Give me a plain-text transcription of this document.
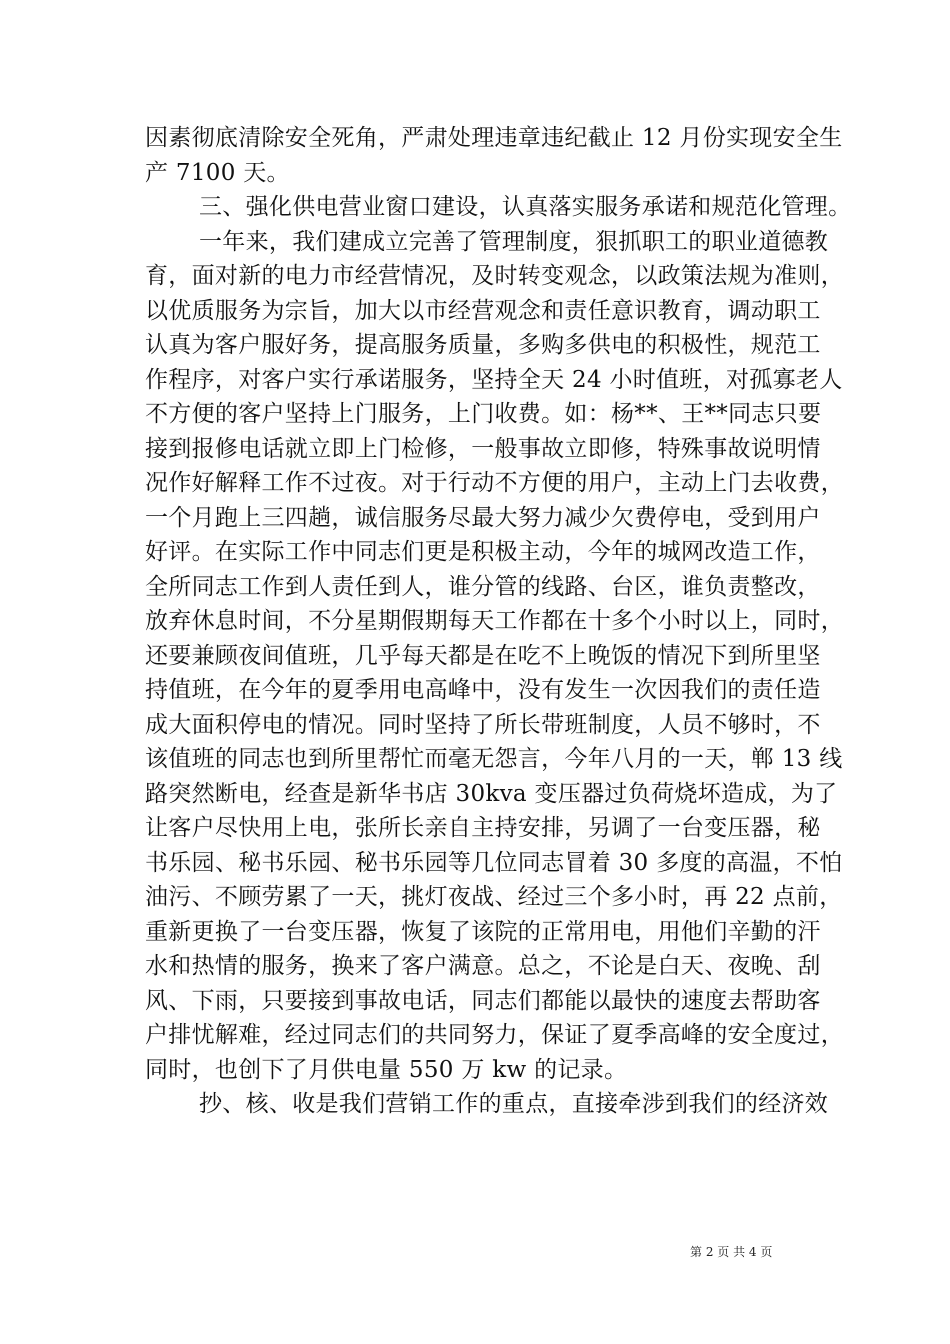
因素彻底清除安全死角，严肃处理违章违纪截止 12 月份实现安全生
产 7100 天。
三、强化供电营业窗口建设，认真落实服务承诺和规范化管理。
一年来，我们建成立完善了管理制度，狠抓职工的职业道德教
育，面对新的电力市经营情况，及时转变观念，以政策法规为准则，
以优质服务为宗旨，加大以市经营观念和责任意识教育，调动职工
认真为客户服好务，提高服务质量，多购多供电的积极性，规范工
作程序，对客户实行承诺服务，坚持全天 24 小时值班，对孤寡老人
不方便的客户坚持上门服务，上门收费。如：杨**、王**同志只要
接到报修电话就立即上门检修，一般事故立即修，特殊事故说明情
况作好解释工作不过夜。对于行动不方便的用户，主动上门去收费，
一个月跑上三四趟，诚信服务尽最大努力减少欠费停电，受到用户
好评。在实际工作中同志们更是积极主动，今年的城网改造工作，
全所同志工作到人责任到人，谁分管的线路、台区，谁负责整改，
放弃休息时间，不分星期假期每天工作都在十多个小时以上，同时，
还要兼顾夜间值班，几乎每天都是在吃不上晚饭的情况下到所里坚
持值班，在今年的夏季用电高峰中，没有发生一次因我们的责任造
成大面积停电的情况。同时坚持了所长带班制度，人员不够时，不
该值班的同志也到所里帮忙而毫无怨言，今年八月的一天，郸 13 线
路突然断电，经查是新华书店 30kva 变压器过负荷烧坏造成，为了
让客户尽快用上电，张所长亲自主持安排，另调了一台变压器，秘
书乐园、秘书乐园、秘书乐园等几位同志冒着 30 多度的高温，不怕
油污、不顾劳累了一天，挑灯夜战、经过三个多小时，再 22 点前，
重新更换了一台变压器，恢复了该院的正常用电，用他们辛勤的汗
水和热情的服务，换来了客户满意。总之，不论是白天、夜晚、刮
风、下雨，只要接到事故电话，同志们都能以最快的速度去帮助客
户排忧解难，经过同志们的共同努力，保证了夏季高峰的安全度过，
同时，也创下了月供电量 550 万 kw 的记录。
抄、核、收是我们营销工作的重点，直接牵涉到我们的经济效
第 2 页 共 4 页
